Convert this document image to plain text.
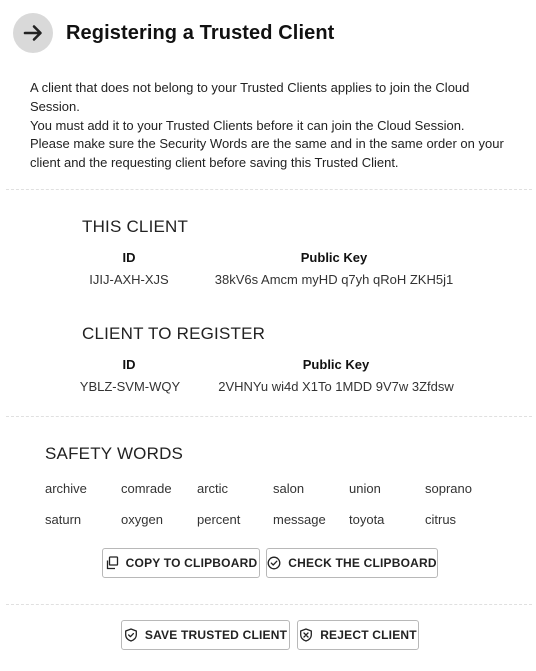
Registering a Trusted Client

A client that does not belong to your Trusted Clients applies to join the Cloud Session.

You must add it to your Trusted Clients before it can join the Cloud Session.

Please make sure the Security Words are the same and in the same order on your client and the requesting client before saving this Trusted Client.

THIS CLIENT
ID	Public Key
IJIJ-AXH-XJS	38kV6s Amcm myHD q7yh qRoH ZKH5j1
CLIENT TO REGISTER
ID	Public Key
YBLZ-SVM-WQY	2VHNYu wi4d X1To 1MDD 9V7w 3Zfdsw
SAFETY WORDS
archive	comrade	arctic	salon	union	soprano
saturn	oxygen	percent	message	toyota	citrus
COPY TO CLIPBOARD	CHECK THE CLIPBOARD
SAVE TRUSTED CLIENT	REJECT CLIENT
